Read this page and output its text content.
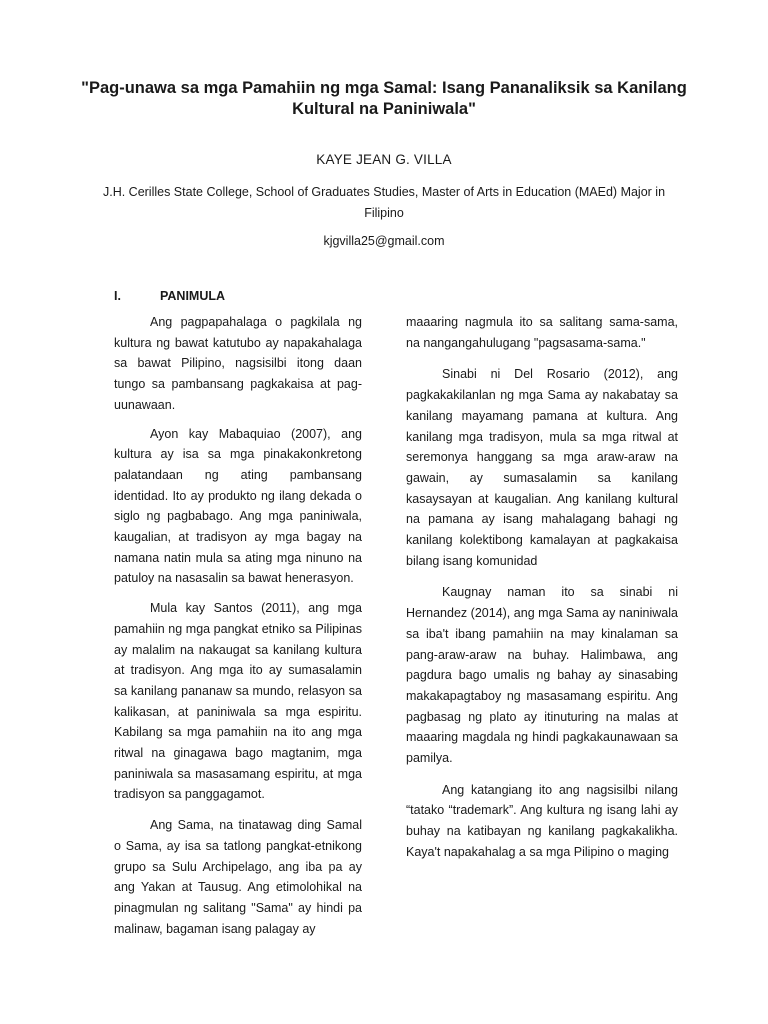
"Pag-unawa sa mga Pamahiin ng mga Samal: Isang Pananaliksik sa Kanilang Kultural na Paniniwala"

KAYE JEAN G. VILLA

J.H. Cerilles State College, School of Graduates Studies, Master of Arts in Education (MAEd) Major in Filipino

kjgvilla25@gmail.com

I.	PANIMULA

Ang pagpapahalaga o pagkilala ng kultura ng bawat katutubo ay napakahalaga sa bawat Pilipino, nagsisilbi itong daan tungo sa pambansang pagkakaisa at pag-uunawaan.

Ayon kay Mabaquiao (2007), ang kultura ay isa sa mga pinakakonkretong palatandaan ng ating pambansang identidad. Ito ay produkto ng ilang dekada o siglo ng pagbabago. Ang mga paniniwala, kaugalian, at tradisyon ay mga bagay na namana natin mula sa ating mga ninuno na patuloy na nasasalin sa bawat henerasyon.

Mula kay Santos (2011), ang mga pamahiin ng mga pangkat etniko sa Pilipinas ay malalim na nakaugat sa kanilang kultura at tradisyon. Ang mga ito ay sumasalamin sa kanilang pananaw sa mundo, relasyon sa kalikasan, at paniniwala sa mga espiritu. Kabilang sa mga pamahiin na ito ang mga ritwal na ginagawa bago magtanim, mga paniniwala sa masasamang espiritu, at mga tradisyon sa panggagamot.

Ang Sama, na tinatawag ding Samal o Sama, ay isa sa tatlong pangkat-etnikong grupo sa Sulu Archipelago, ang iba pa ay ang Yakan at Tausug. Ang etimolohikal na pinagmulan ng salitang "Sama" ay hindi pa malinaw, bagaman isang palagay ay

maaaring nagmula ito sa salitang sama-sama, na nangangahulugang "pagsasama-sama."

Sinabi ni Del Rosario (2012), ang pagkakakilanlan ng mga Sama ay nakabatay sa kanilang mayamang pamana at kultura. Ang kanilang mga tradisyon, mula sa mga ritwal at seremonya hanggang sa mga araw-araw na gawain, ay sumasalamin sa kanilang kasaysayan at kaugalian. Ang kanilang kultural na pamana ay isang mahalagang bahagi ng kanilang kolektibong kamalayan at pagkakaisa bilang isang komunidad

Kaugnay naman ito sa sinabi ni Hernandez (2014), ang mga Sama ay naniniwala sa iba't ibang pamahiin na may kinalaman sa pang-araw-araw na buhay. Halimbawa, ang pagdura bago umalis ng bahay ay sinasabing makakapagtaboy ng masasamang espiritu. Ang pagbasag ng plato ay itinuturing na malas at maaaring magdala ng hindi pagkakaunawaan sa pamilya.

Ang katangiang ito ang nagsisilbi nilang “tatako “trademark”. Ang kultura ng isang lahi ay buhay na katibayan ng kanilang pagkakalikha. Kaya't napakahalag a sa mga Pilipino o maging
